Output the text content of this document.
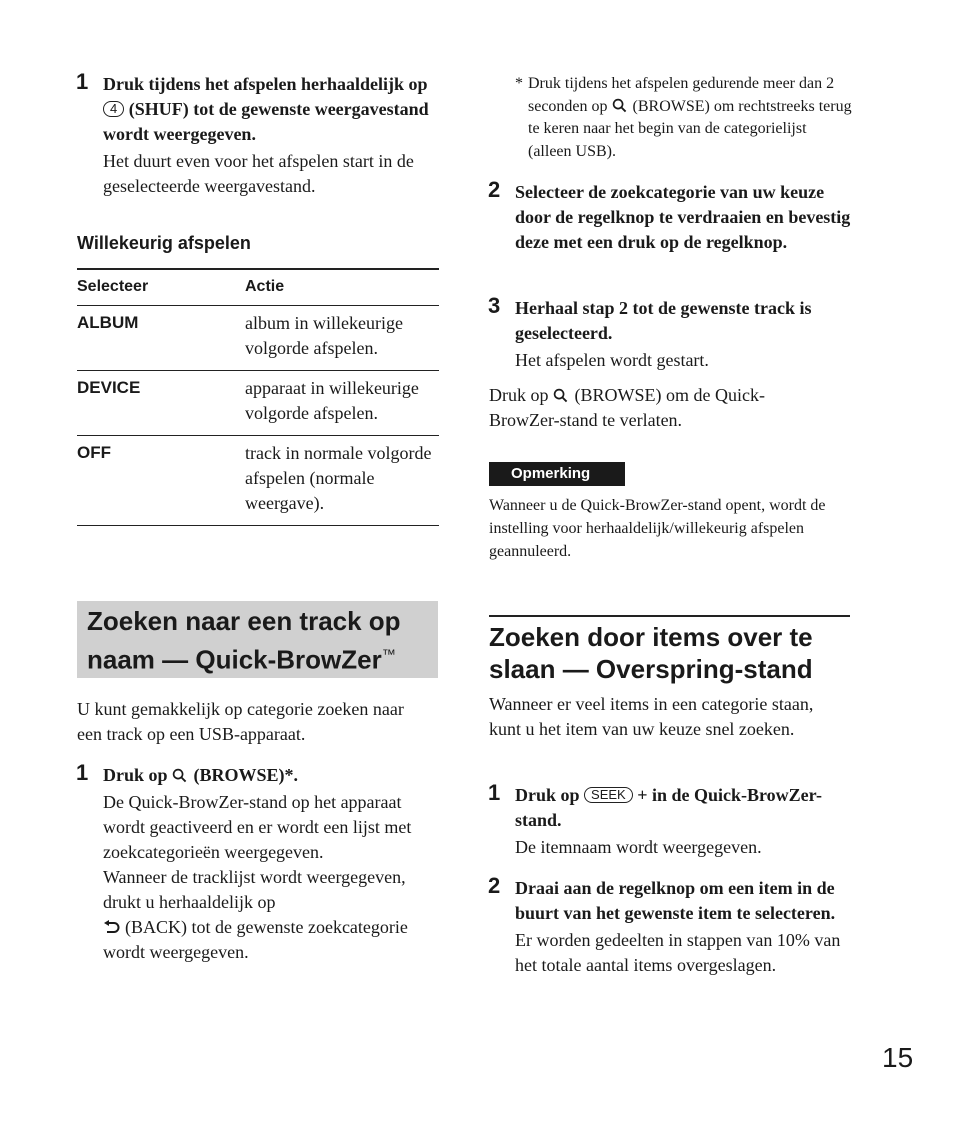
1 Druk tijdens het afspelen herhaaldelijk op 4 (SHUF) tot de gewenste weergavestand wordt weergegeven.
Het duurt even voor het afspelen start in de geselecteerde weergavestand.
Willekeurig afspelen
Selecteer	Actie
ALBUM	album in willekeurige volgorde afspelen.
DEVICE	apparaat in willekeurige volgorde afspelen.
OFF	track in normale volgorde afspelen (normale weergave).
Zoeken naar een track op naam — Quick-BrowZer™
U kunt gemakkelijk op categorie zoeken naar een track op een USB-apparaat.
1 Druk op (BROWSE)*.
De Quick-BrowZer-stand op het apparaat wordt geactiveerd en er wordt een lijst met zoekcategorieën weergegeven.
Wanneer de tracklijst wordt weergegeven, drukt u herhaaldelijk op
(BACK) tot de gewenste zoekcategorie wordt weergegeven.
* Druk tijdens het afspelen gedurende meer dan 2 seconden op (BROWSE) om rechtstreeks terug te keren naar het begin van de categorielijst (alleen USB).
2 Selecteer de zoekcategorie van uw keuze door de regelknop te verdraaien en bevestig deze met een druk op de regelknop.
3 Herhaal stap 2 tot de gewenste track is geselecteerd.
Het afspelen wordt gestart.
Druk op (BROWSE) om de Quick-BrowZer-stand te verlaten.
Opmerking
Wanneer u de Quick-BrowZer-stand opent, wordt de instelling voor herhaaldelijk/willekeurig afspelen geannuleerd.
Zoeken door items over te slaan — Overspring-stand
Wanneer er veel items in een categorie staan, kunt u het item van uw keuze snel zoeken.
1 Druk op SEEK + in de Quick-BrowZer-stand.
De itemnaam wordt weergegeven.
2 Draai aan de regelknop om een item in de buurt van het gewenste item te selecteren.
Er worden gedeelten in stappen van 10% van het totale aantal items overgeslagen.
15
